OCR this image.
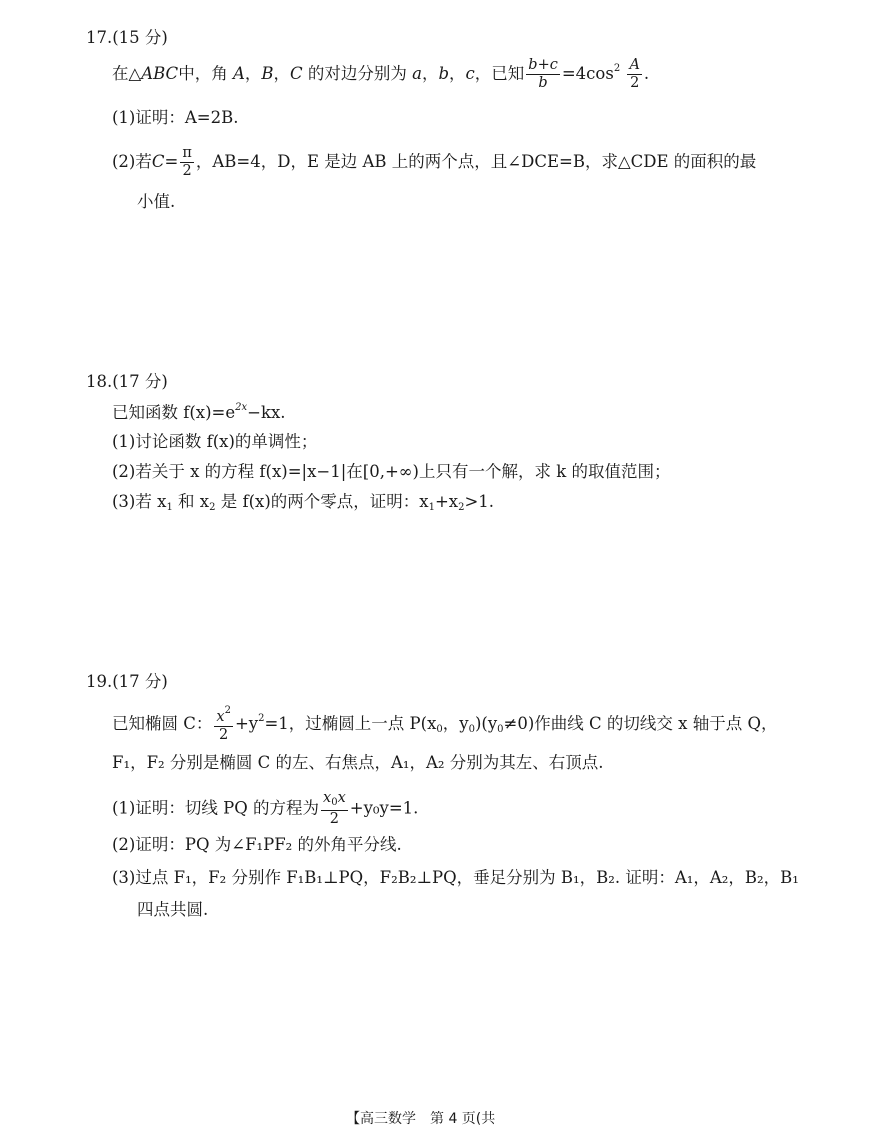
17.(15 分)
在△ABC中，角 A，B，C 的对边分别为 a，b，c，已知 $\frac{b+c}{b} =4\cos^2 \frac{A}{2}$ .
(1)证明：A=2B.
(2)若$C= \frac{\pi}{2}$ ，AB=4，D，E 是边 AB 上的两个点，且∠DCE=B，求△CDE 的面积的最
小值.
18.(17 分)
已知函数 $f(x)=e^{2x}-kx$.
(1)讨论函数 f(x)的单调性；
(2)若关于 x 的方程 f(x)=|x−1|在[0,+∞)上只有一个解，求 k 的取值范围；
(3)若 $x_1$ 和 $x_2$ 是 f(x)的两个零点，证明：$x_1+x_2>1$.
19.(17 分)
已知椭圆 C： $\frac{x^2}{2} +y^2=1$，过椭圆上一点 $P(x_0$，$y_0)(y_0\ne 0)$作曲线 C 的切线交 x 轴于点 Q，
F₁，F₂ 分别是椭圆 C 的左、右焦点，A₁，A₂ 分别为其左、右顶点.
(1)证明：切线 PQ 的方程为 $\frac{x_0x}{2} +y_0y=1$.
(2)证明：PQ 为∠F₁PF₂ 的外角平分线.
(3)过点 F₁，F₂ 分别作 F₁B₁⊥PQ，F₂B₂⊥PQ，垂足分别为 B₁，B₂. 证明：A₁，A₂，B₂，B₁
四点共圆.
【高三数学　第 4 页(共
